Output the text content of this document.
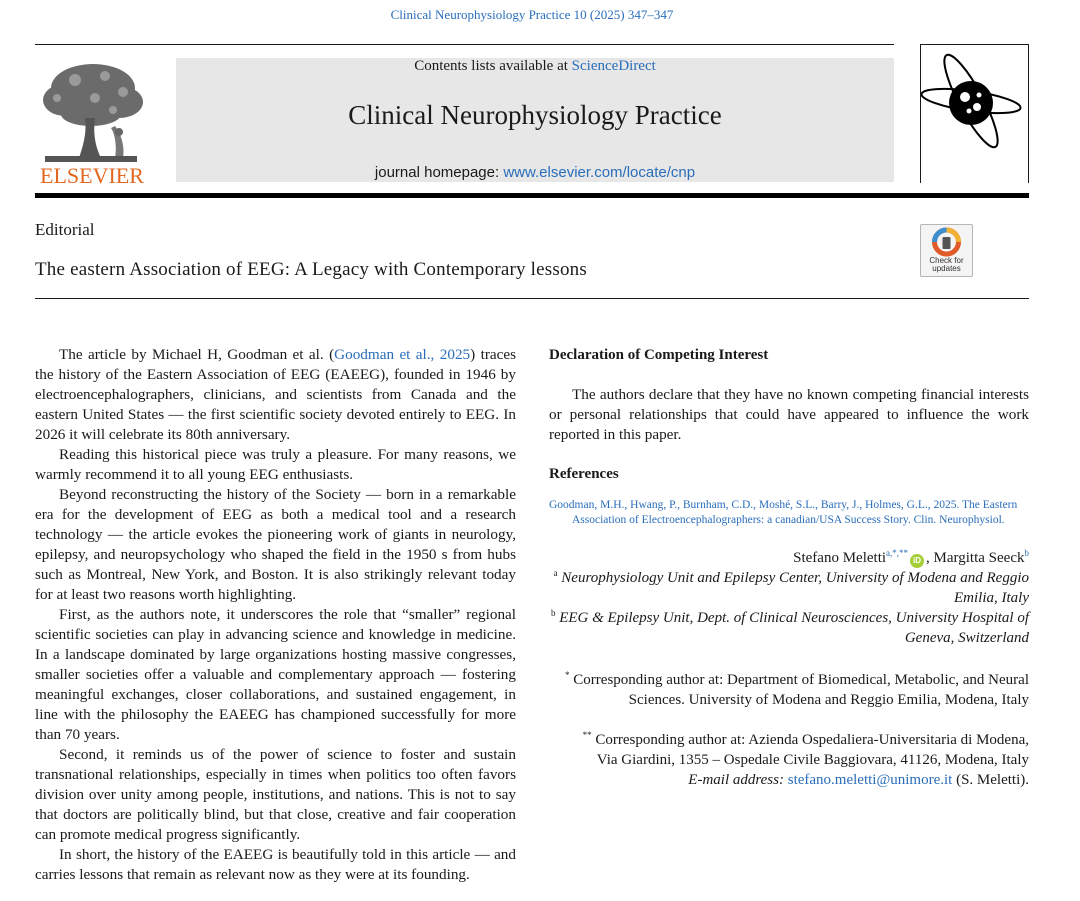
Clinical Neurophysiology Practice 10 (2025) 347–347
ELSEVIER
Contents lists available at ScienceDirect
Clinical Neurophysiology Practice
journal homepage: www.elsevier.com/locate/cnp
Editorial
The eastern Association of EEG: A Legacy with Contemporary lessons	Check for updates

The article by Michael H, Goodman et al. (Goodman et al., 2025) traces the history of the Eastern Association of EEG (EAEEG), founded in 1946 by electroencephalographers, clinicians, and scientists from Canada and the eastern United States — the first scientific society devoted entirely to EEG. In 2026 it will celebrate its 80th anniversary.

Reading this historical piece was truly a pleasure. For many reasons, we warmly recommend it to all young EEG enthusiasts.

Beyond reconstructing the history of the Society — born in a remarkable era for the development of EEG as both a medical tool and a research technology — the article evokes the pioneering work of giants in neurology, epilepsy, and neuropsychology who shaped the field in the 1950 s from hubs such as Montreal, New York, and Boston. It is also strikingly relevant today for at least two reasons worth highlighting.

First, as the authors note, it underscores the role that “smaller” regional scientific societies can play in advancing science and knowledge in medicine. In a landscape dominated by large organizations hosting massive congresses, smaller societies offer a valuable and complementary approach — fostering meaningful exchanges, closer collaborations, and sustained engagement, in line with the philosophy the EAEEG has championed successfully for more than 70 years.

Second, it reminds us of the power of science to foster and sustain transnational relationships, especially in times when politics too often favors division over unity among people, institutions, and nations. This is not to say that doctors are politically blind, but that close, creative and fair cooperation can promote medical progress significantly.

In short, the history of the EAEEG is beautifully told in this article — and carries lessons that remain as relevant now as they were at its founding.

Declaration of Competing Interest

The authors declare that they have no known competing financial interests or personal relationships that could have appeared to influence the work reported in this paper.

References
Goodman, M.H., Hwang, P., Burnham, C.D., Moshé, S.L., Barry, J., Holmes, G.L., 2025. The Eastern Association of Electroencephalographers: a canadian/USA Success Story. Clin. Neurophysiol.
Stefano Meletti$^{a,*,**}$iD , Margitta Seeck$^b$
$^a$ Neurophysiology Unit and Epilepsy Center, University of Modena and Reggio Emilia, Italy
$^b$ EEG & Epilepsy Unit, Dept. of Clinical Neurosciences, University Hospital of Geneva, Switzerland
* Corresponding author at: Department of Biomedical, Metabolic, and Neural Sciences. University of Modena and Reggio Emilia, Modena, Italy
** Corresponding author at: Azienda Ospedaliera-Universitaria di Modena, Via Giardini, 1355 – Ospedale Civile Baggiovara, 41126, Modena, Italy
E-mail address: stefano.meletti@unimore.it (S. Meletti).
